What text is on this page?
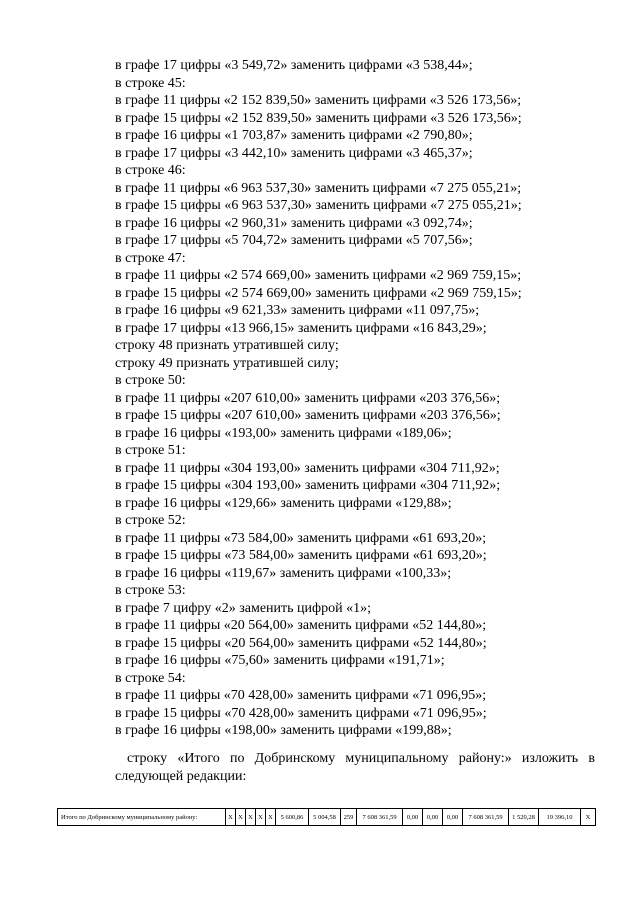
в графе 17 цифры «3 549,72» заменить цифрами «3 538,44»;
в строке 45:
в графе 11 цифры «2 152 839,50» заменить цифрами «3 526 173,56»;
в графе 15 цифры «2 152 839,50» заменить цифрами «3 526 173,56»;
в графе 16 цифры «1 703,87» заменить цифрами «2 790,80»;
в графе 17 цифры «3 442,10» заменить цифрами «3 465,37»;
в строке 46:
в графе 11 цифры «6 963 537,30» заменить цифрами «7 275 055,21»;
в графе 15 цифры «6 963 537,30» заменить цифрами «7 275 055,21»;
в графе 16 цифры «2 960,31» заменить цифрами «3 092,74»;
в графе 17 цифры «5 704,72» заменить цифрами «5 707,56»;
в строке 47:
в графе 11 цифры «2 574 669,00» заменить цифрами «2 969 759,15»;
в графе 15 цифры «2 574 669,00» заменить цифрами «2 969 759,15»;
в графе 16 цифры «9 621,33» заменить цифрами «11 097,75»;
в графе 17 цифры «13 966,15» заменить цифрами «16 843,29»;
строку 48 признать утратившей силу;
строку 49 признать утратившей силу;
в строке 50:
в графе 11 цифры «207 610,00» заменить цифрами «203 376,56»;
в графе 15 цифры «207 610,00» заменить цифрами «203 376,56»;
в графе 16 цифры «193,00» заменить цифрами «189,06»;
в строке 51:
в графе 11 цифры «304 193,00» заменить цифрами «304 711,92»;
в графе 15 цифры «304 193,00» заменить цифрами «304 711,92»;
в графе 16 цифры «129,66» заменить цифрами «129,88»;
в строке 52:
в графе 11 цифры «73 584,00» заменить цифрами «61 693,20»;
в графе 15 цифры «73 584,00» заменить цифрами «61 693,20»;
в графе 16 цифры «119,67» заменить цифрами «100,33»;
в строке 53:
в графе 7 цифру «2» заменить цифрой «1»;
в графе 11 цифры «20 564,00» заменить цифрами «52 144,80»;
в графе 15 цифры «20 564,00» заменить цифрами «52 144,80»;
в графе 16 цифры «75,60» заменить цифрами «191,71»;
в строке 54:
в графе 11 цифры «70 428,00» заменить цифрами «71 096,95»;
в графе 15 цифры «70 428,00» заменить цифрами «71 096,95»;
в графе 16 цифры «198,00» заменить цифрами «199,88»;
строку «Итого по Добринскому муниципальному району:» изложить в следующей редакции:
Итого по Добринскому муниципальному району:	X	X	X	X	X	5 600,86	5 004,58	259	7 608 361,59	0,00	0,00	0,00	7 608 361,59	1 520,28	19 396,10	X
